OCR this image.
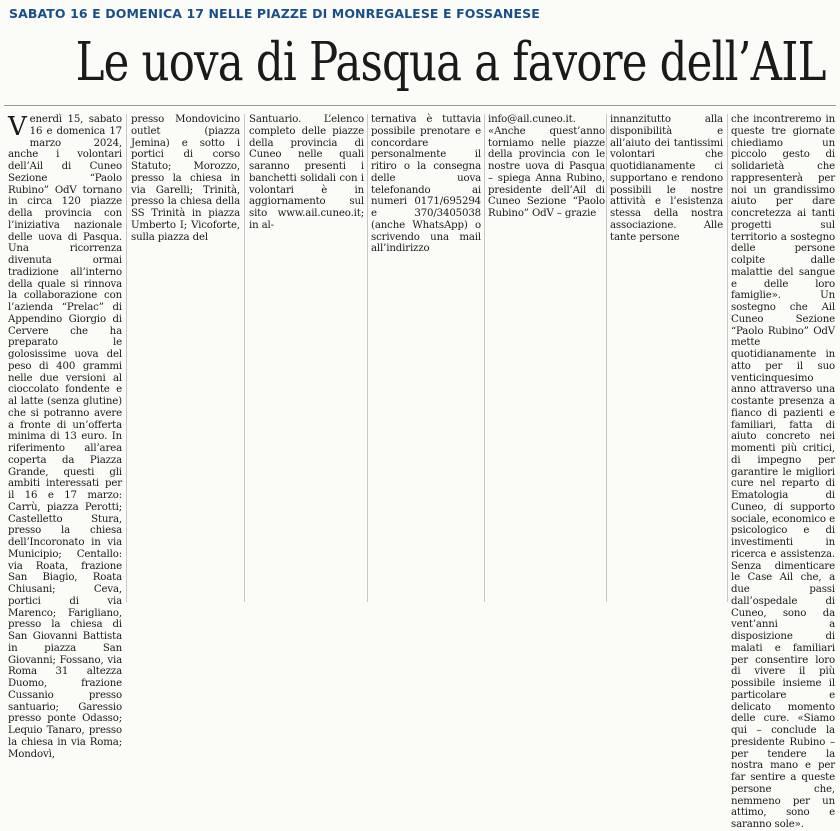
SABATO 16 E DOMENICA 17 NELLE PIAZZE DI MONREGALESE E FOSSANESE
Le uova di Pasqua a favore dell’AIL

Venerdì 15, sabato 16 e domenica 17 marzo 2024, anche i volontari dell’Ail di Cuneo Sezione “Paolo Rubino” OdV tornano in circa 120 piazze della provincia con l’iniziativa nazionale delle uova di Pasqua. Una ricorrenza divenuta ormai tradizione all’interno della quale si rinnova la collaborazione con l’azienda “Prelac” di Appendino Giorgio di Cervere che ha preparato le golosissime uova del peso di 400 grammi nelle due versioni al cioccolato fondente e al latte (senza glutine) che si potranno avere a fronte di un’offerta minima di 13 euro. In riferimento all’area coperta da Piazza Grande, questi gli ambiti interessati per il 16 e 17 marzo: Carrù, piazza Perotti; Castelletto Stura, presso la chiesa dell’Incoronato in via Municipio; Centallo: via Roata, frazione San Biagio, Roata Chiusani; Ceva, portici di via Marenco; Farigliano, presso la chiesa di San Giovanni Battista in piazza San Giovanni; Fossano, via Roma 31 altezza Duomo, frazione Cussanio presso santuario; Garessio presso ponte Odasso; Lequio Tanaro, presso la chiesa in via Roma; Mondovì,

presso Mondovicino outlet (piazza Jemina) e sotto i portici di corso Statuto; Morozzo, presso la chiesa in via Garelli; Trinità, presso la chiesa della SS Trinità in piazza Umberto I; Vicoforte, sulla piazza del

Santuario. L’elenco completo delle piazze della provincia di Cuneo nelle quali saranno presenti i banchetti solidali con i volontari è in aggiornamento sul sito www.ail.cuneo.it; in al-

ternativa è tuttavia possibile prenotare e concordare personalmente il ritiro o la consegna delle uova telefonando ai numeri 0171/695294 e 370/3405038 (anche WhatsApp) o scrivendo una mail all’indirizzo

info@ail.cuneo.it. «Anche quest’anno torniamo nelle piazze della provincia con le nostre uova di Pasqua – spiega Anna Rubino, presidente dell’Ail di Cuneo Sezione “Paolo Rubino” OdV – grazie

innanzitutto alla disponibilità e all’aiuto dei tantissimi volontari che quotidianamente ci supportano e rendono possibili le nostre attività e l’esistenza stessa della nostra associazione. Alle tante persone

che incontreremo in queste tre giornate chiediamo un piccolo gesto di solidarietà che rappresenterà per noi un grandissimo aiuto per dare concretezza ai tanti progetti sul territorio a sostegno delle persone colpite dalle malattie del sangue e delle loro famiglie». Un sostegno che Ail Cuneo Sezione “Paolo Rubino” OdV mette quotidianamente in atto per il suo venticinquesimo anno attraverso una costante presenza a fianco di pazienti e familiari, fatta di aiuto concreto nei momenti più critici, di impegno per garantire le migliori cure nel reparto di Ematologia di Cuneo, di supporto sociale, economico e psicologico e di investimenti in ricerca e assistenza. Senza dimenticare le Case Ail che, a due passi dall’ospedale di Cuneo, sono da vent’anni a disposizione di malati e familiari per consentire loro di vivere il più possibile insieme il particolare e delicato momento delle cure. «Siamo qui – conclude la presidente Rubino – per tendere la nostra mano e per far sentire a queste persone che, nemmeno per un attimo, sono e saranno sole».
